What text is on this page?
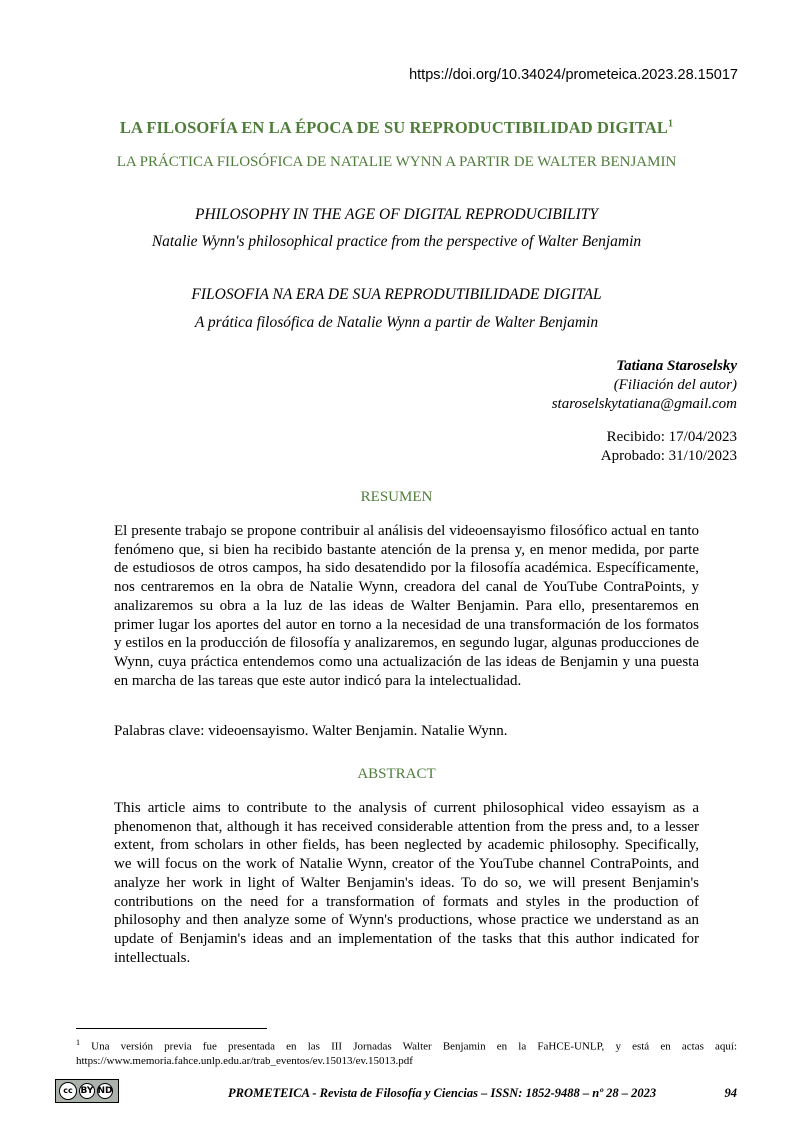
https://doi.org/10.34024/prometeica.2023.28.15017
LA FILOSOFÍA EN LA ÉPOCA DE SU REPRODUCTIBILIDAD DIGITAL$^1$
LA PRÁCTICA FILOSÓFICA DE NATALIE WYNN A PARTIR DE WALTER BENJAMIN
PHILOSOPHY IN THE AGE OF DIGITAL REPRODUCIBILITY
Natalie Wynn's philosophical practice from the perspective of Walter Benjamin
FILOSOFIA NA ERA DE SUA REPRODUTIBILIDADE DIGITAL
A prática filosófica de Natalie Wynn a partir de Walter Benjamin
Tatiana Staroselsky
(Filiación del autor)
staroselskytatiana@gmail.com
Recibido: 17/04/2023
Aprobado: 31/10/2023
RESUMEN
El presente trabajo se propone contribuir al análisis del videoensayismo filosófico actual en tanto fenómeno que, si bien ha recibido bastante atención de la prensa y, en menor medida, por parte de estudiosos de otros campos, ha sido desatendido por la filosofía académica. Específicamente, nos centraremos en la obra de Natalie Wynn, creadora del canal de YouTube ContraPoints, y analizaremos su obra a la luz de las ideas de Walter Benjamin. Para ello, presentaremos en primer lugar los aportes del autor en torno a la necesidad de una transformación de los formatos y estilos en la producción de filosofía y analizaremos, en segundo lugar, algunas producciones de Wynn, cuya práctica entendemos como una actualización de las ideas de Benjamin y una puesta en marcha de las tareas que este autor indicó para la intelectualidad.
Palabras clave: videoensayismo. Walter Benjamin. Natalie Wynn.
ABSTRACT
This article aims to contribute to the analysis of current philosophical video essayism as a phenomenon that, although it has received considerable attention from the press and, to a lesser extent, from scholars in other fields, has been neglected by academic philosophy. Specifically, we will focus on the work of Natalie Wynn, creator of the YouTube channel ContraPoints, and analyze her work in light of Walter Benjamin's ideas. To do so, we will present Benjamin's contributions on the need for a transformation of formats and styles in the production of philosophy and then analyze some of Wynn's productions, whose practice we understand as an update of Benjamin's ideas and an implementation of the tasks that this author indicated for intellectuals.
$^1$ Una versión previa fue presentada en las III Jornadas Walter Benjamin en la FaHCE-UNLP, y está en actas aquí: https://www.memoria.fahce.unlp.edu.ar/trab_eventos/ev.15013/ev.15013.pdf
cc BY ND	PROMETEICA - Revista de Filosofía y Ciencias – ISSN: 1852-9488 – nº 28 – 2023	94
